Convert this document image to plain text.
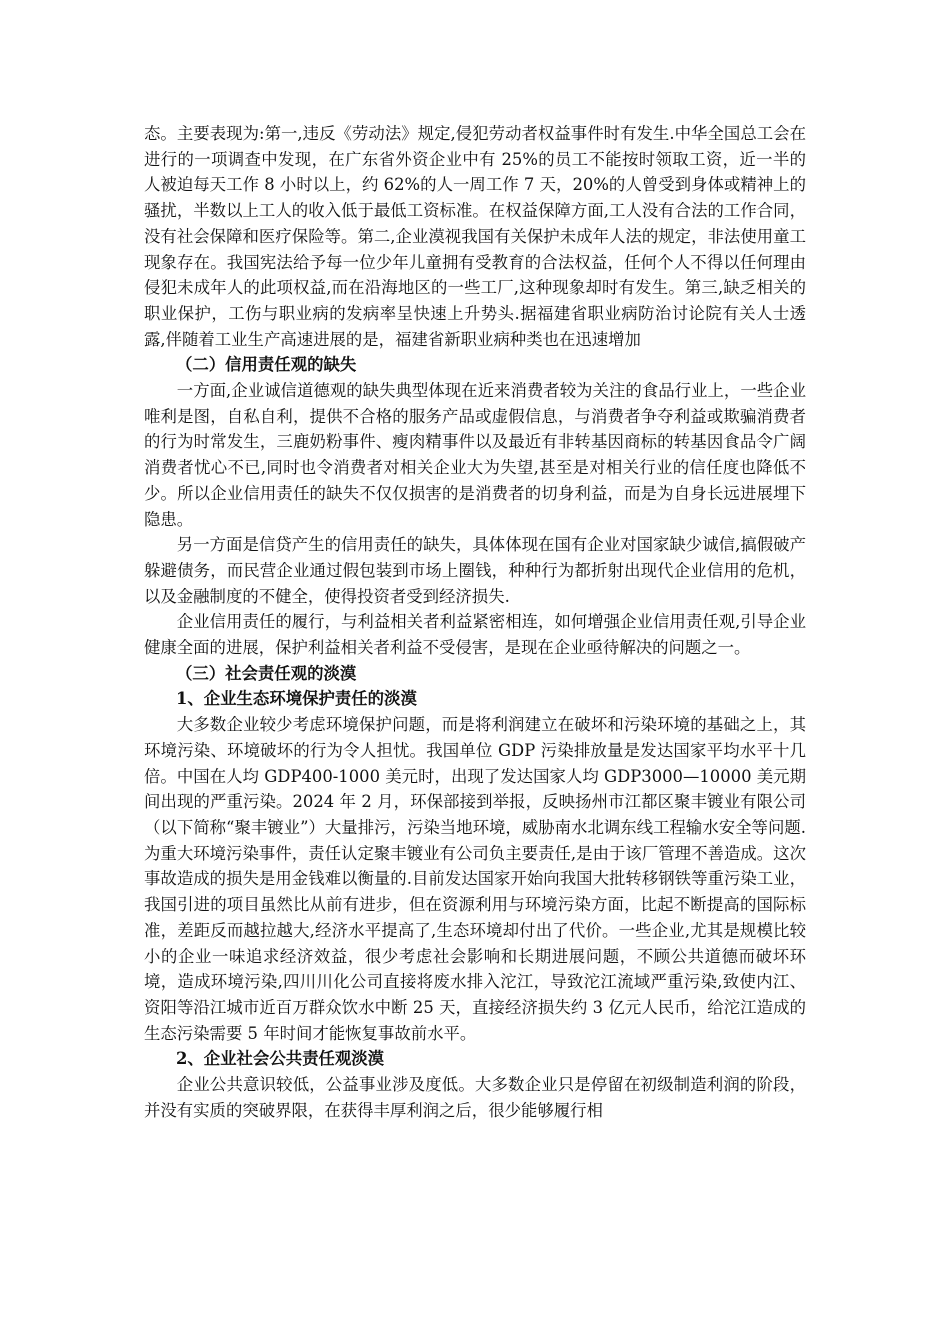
态。主要表现为:第一,违反《劳动法》规定,侵犯劳动者权益事件时有发生.中华全国总工会在进行的一项调查中发现，在广东省外资企业中有 25%的员工不能按时领取工资，近一半的人被迫每天工作 8 小时以上，约 62%的人一周工作 7 天，20%的人曾受到身体或精神上的骚扰，半数以上工人的收入低于最低工资标准。在权益保障方面,工人没有合法的工作合同，没有社会保障和医疗保险等。第二,企业漠视我国有关保护未成年人法的规定，非法使用童工现象存在。我国宪法给予每一位少年儿童拥有受教育的合法权益，任何个人不得以任何理由侵犯未成年人的此项权益,而在沿海地区的一些工厂,这种现象却时有发生。第三,缺乏相关的职业保护，工伤与职业病的发病率呈快速上升势头.据福建省职业病防治讨论院有关人士透露,伴随着工业生产高速进展的是，福建省新职业病种类也在迅速增加

（二）信用责任观的缺失

一方面,企业诚信道德观的缺失典型体现在近来消费者较为关注的食品行业上，一些企业唯利是图，自私自利，提供不合格的服务产品或虚假信息，与消费者争夺利益或欺骗消费者的行为时常发生，三鹿奶粉事件、瘦肉精事件以及最近有非转基因商标的转基因食品令广阔消费者忧心不已,同时也令消费者对相关企业大为失望,甚至是对相关行业的信任度也降低不少。所以企业信用责任的缺失不仅仅损害的是消费者的切身利益，而是为自身长远进展埋下隐患。

另一方面是信贷产生的信用责任的缺失，具体体现在国有企业对国家缺少诚信,搞假破产躲避债务，而民营企业通过假包装到市场上圈钱，种种行为都折射出现代企业信用的危机，以及金融制度的不健全，使得投资者受到经济损失.

企业信用责任的履行，与利益相关者利益紧密相连，如何增强企业信用责任观,引导企业健康全面的进展，保护利益相关者利益不受侵害，是现在企业亟待解决的问题之一。

（三）社会责任观的淡漠

1、企业生态环境保护责任的淡漠

大多数企业较少考虑环境保护问题，而是将利润建立在破坏和污染环境的基础之上，其环境污染、环境破坏的行为令人担忧。我国单位 GDP 污染排放量是发达国家平均水平十几倍。中国在人均 GDP400-1000 美元时，出现了发达国家人均 GDP3000—10000 美元期间出现的严重污染。2024 年 2 月，环保部接到举报，反映扬州市江都区聚丰镀业有限公司（以下简称“聚丰镀业”）大量排污，污染当地环境，威胁南水北调东线工程输水安全等问题. 为重大环境污染事件，责任认定聚丰镀业有公司负主要责任,是由于该厂管理不善造成。这次事故造成的损失是用金钱难以衡量的.目前发达国家开始向我国大批转移钢铁等重污染工业，我国引进的项目虽然比从前有进步，但在资源利用与环境污染方面，比起不断提高的国际标准，差距反而越拉越大,经济水平提高了,生态环境却付出了代价。一些企业,尤其是规模比较小的企业一味追求经济效益，很少考虑社会影响和长期进展问题，不顾公共道德而破坏环境，造成环境污染,四川川化公司直接将废水排入沱江，导致沱江流域严重污染,致使内江、资阳等沿江城市近百万群众饮水中断 25 天，直接经济损失约 3 亿元人民币，给沱江造成的生态污染需要 5 年时间才能恢复事故前水平。

2、企业社会公共责任观淡漠

企业公共意识较低，公益事业涉及度低。大多数企业只是停留在初级制造利润的阶段，并没有实质的突破界限，在获得丰厚利润之后，很少能够履行相
